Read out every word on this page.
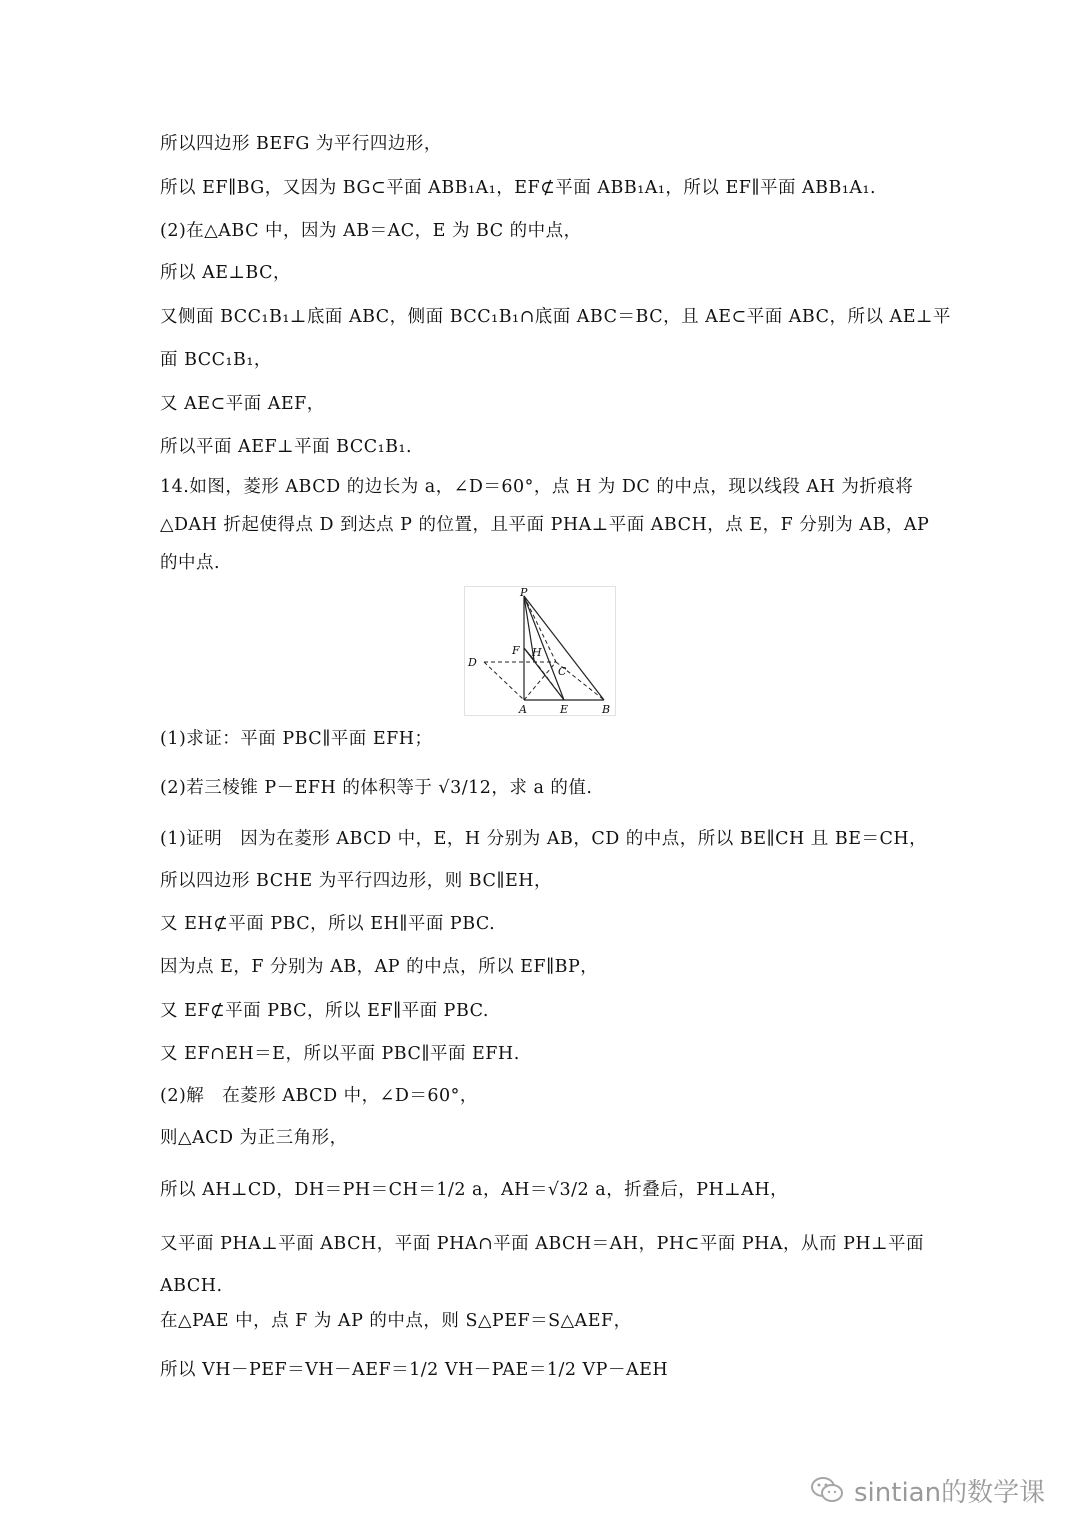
所以四边形 BEFG 为平行四边形，
所以 EF∥BG，又因为 BG⊂平面 ABB₁A₁，EF⊄平面 ABB₁A₁，所以 EF∥平面 ABB₁A₁.
(2)在△ABC 中，因为 AB＝AC，E 为 BC 的中点，
所以 AE⊥BC，
又侧面 BCC₁B₁⊥底面 ABC，侧面 BCC₁B₁∩底面 ABC＝BC，且 AE⊂平面 ABC，所以 AE⊥平
面 BCC₁B₁，
又 AE⊂平面 AEF，
所以平面 AEF⊥平面 BCC₁B₁.
14.如图，菱形 ABCD 的边长为 a，∠D＝60°，点 H 为 DC 的中点，现以线段 AH 为折痕将
△DAH 折起使得点 D 到达点 P 的位置，且平面 PHA⊥平面 ABCH，点 E，F 分别为 AB，AP
的中点.
P
F H
D
C
A	E	B
(1)求证：平面 PBC∥平面 EFH；
(2)若三棱锥 P－EFH 的体积等于 √3/12，求 a 的值.
(1)证明　因为在菱形 ABCD 中，E，H 分别为 AB，CD 的中点，所以 BE∥CH 且 BE＝CH，
所以四边形 BCHE 为平行四边形，则 BC∥EH，
又 EH⊄平面 PBC，所以 EH∥平面 PBC.
因为点 E，F 分别为 AB，AP 的中点，所以 EF∥BP，
又 EF⊄平面 PBC，所以 EF∥平面 PBC.
又 EF∩EH＝E，所以平面 PBC∥平面 EFH.
(2)解　在菱形 ABCD 中，∠D＝60°，
则△ACD 为正三角形，
所以 AH⊥CD，DH＝PH＝CH＝1/2 a，AH＝√3/2 a，折叠后，PH⊥AH，
又平面 PHA⊥平面 ABCH，平面 PHA∩平面 ABCH＝AH，PH⊂平面 PHA，从而 PH⊥平面
ABCH.
在△PAE 中，点 F 为 AP 的中点，则 S△PEF＝S△AEF，
所以 VH－PEF＝VH－AEF＝1/2 VH－PAE＝1/2 VP－AEH
sintian的数学课
